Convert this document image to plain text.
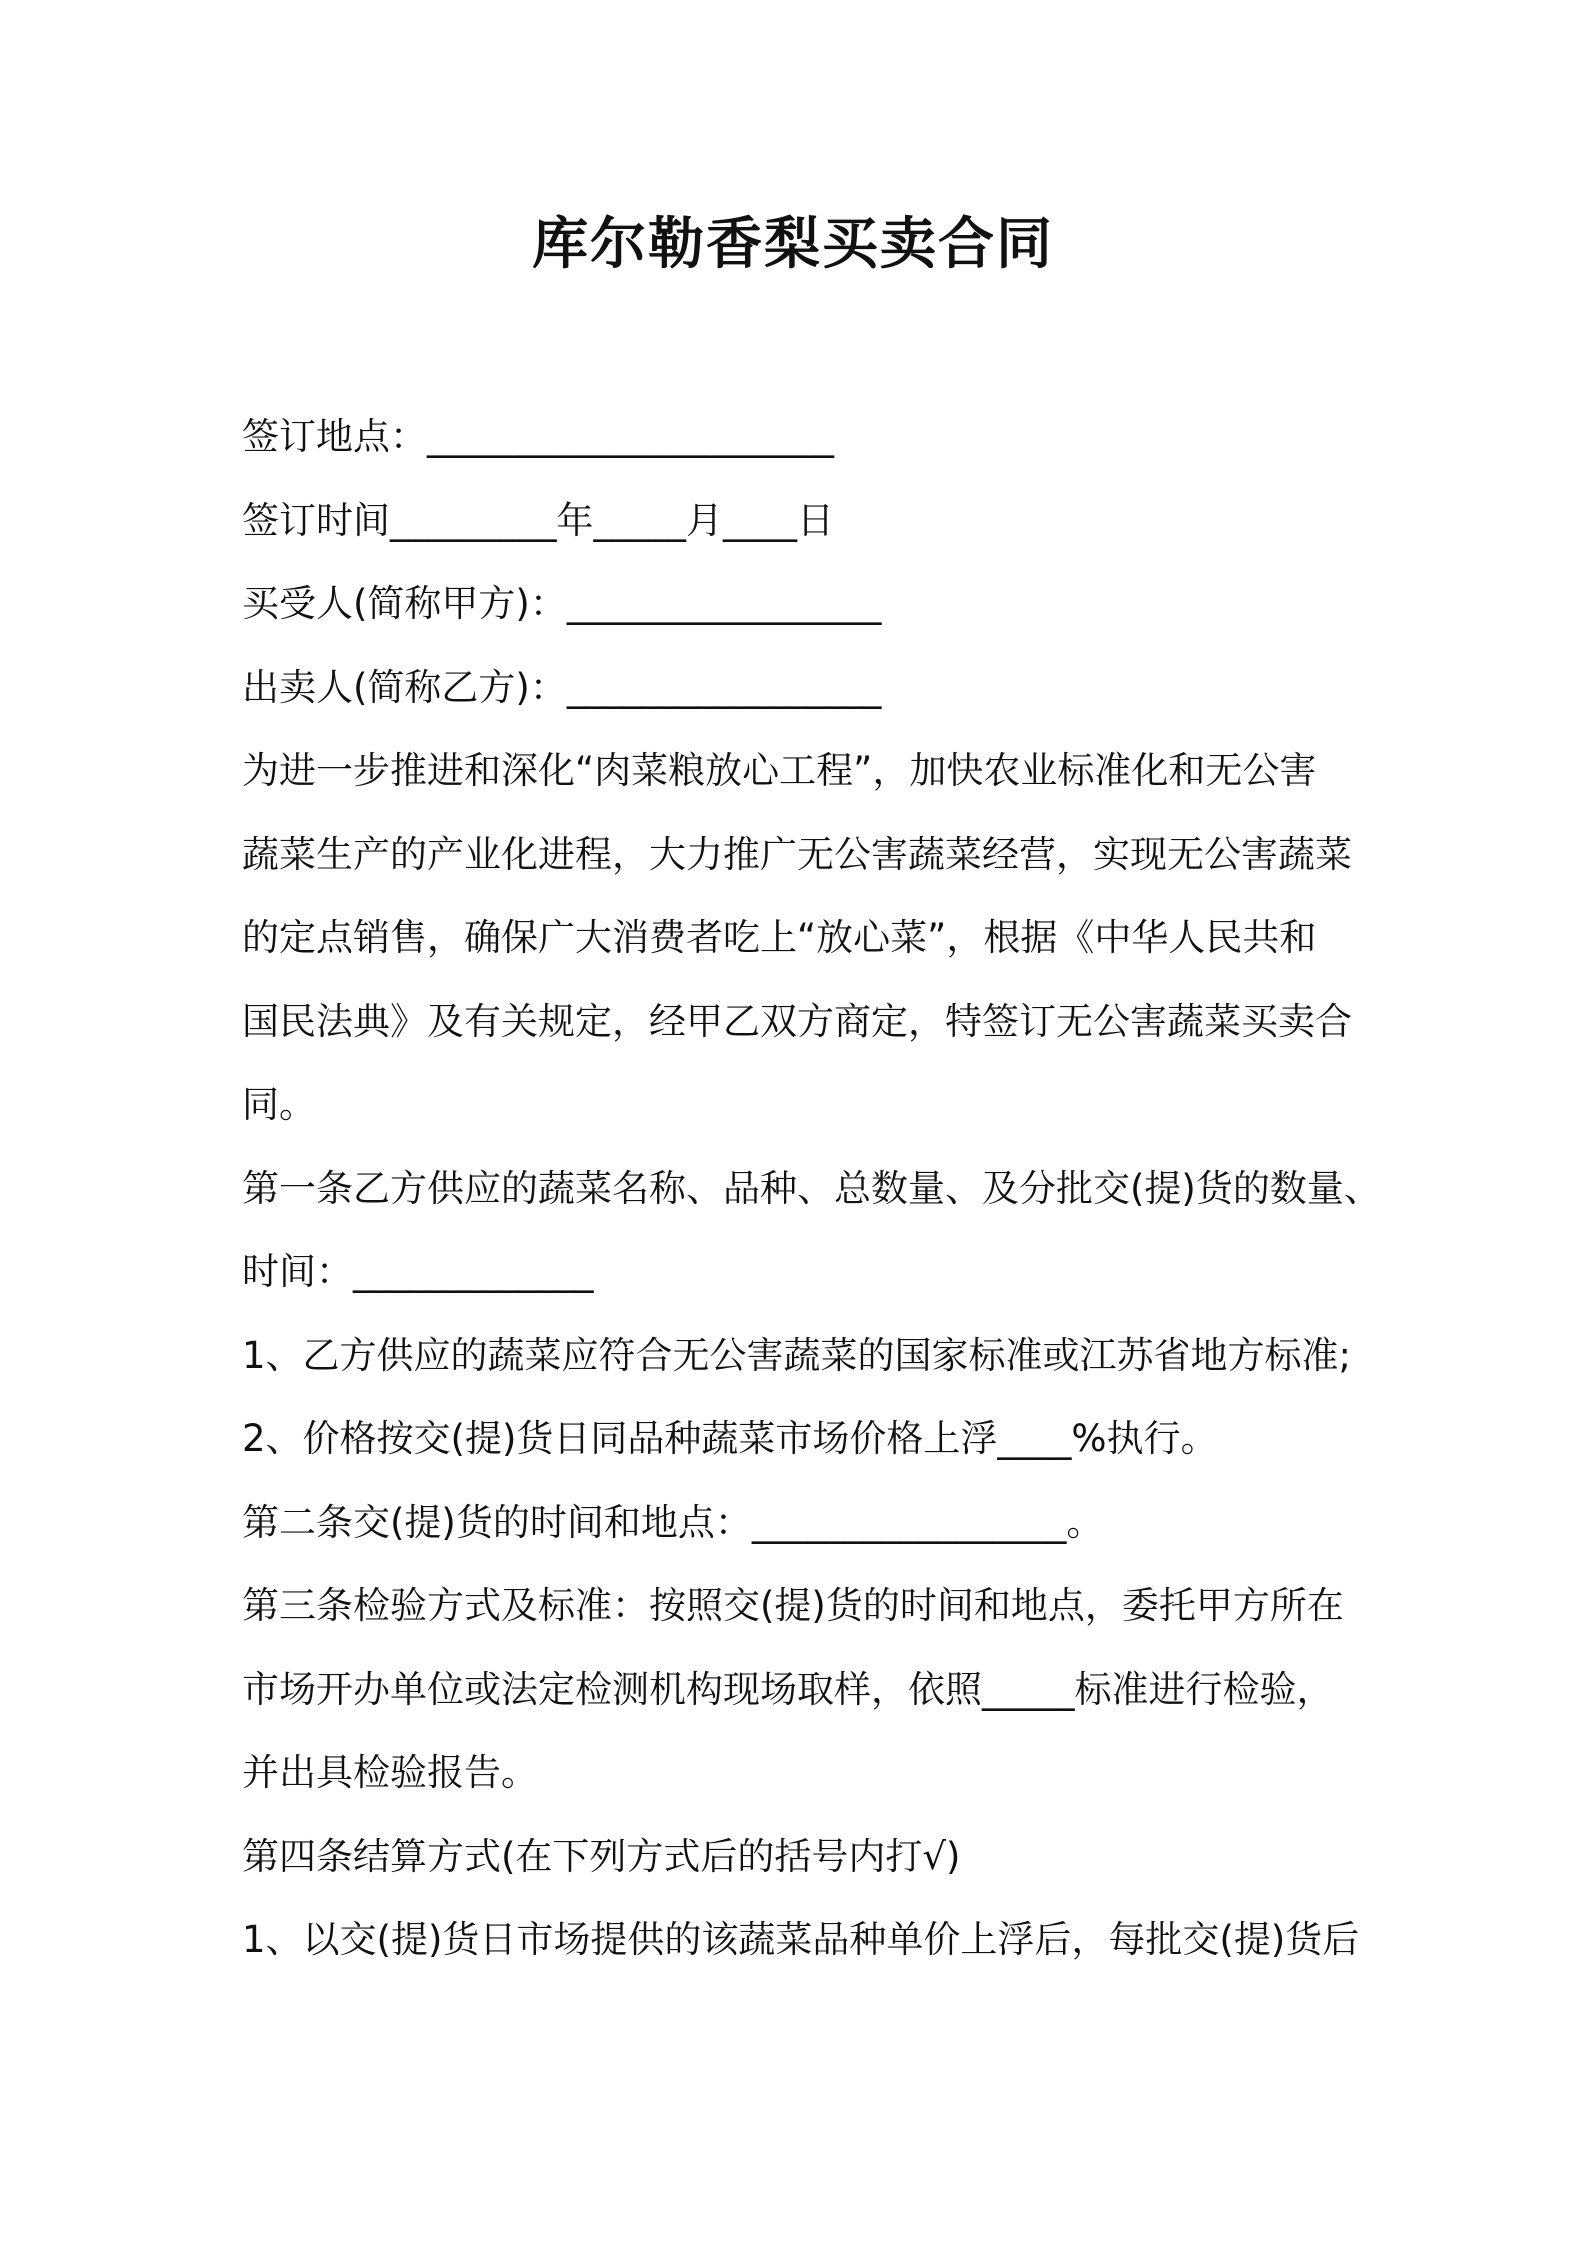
库尔勒香梨买卖合同
签订地点：______________________
签订时间_________年_____月____日
买受人(简称甲方)：_________________
出卖人(简称乙方)：_________________
为进一步推进和深化“肉菜粮放心工程”，加快农业标准化和无公害
蔬菜生产的产业化进程，大力推广无公害蔬菜经营，实现无公害蔬菜
的定点销售，确保广大消费者吃上“放心菜”，根据《中华人民共和
国民法典》及有关规定，经甲乙双方商定，特签订无公害蔬菜买卖合
同。
第一条乙方供应的蔬菜名称、品种、总数量、及分批交(提)货的数量、
时间：_____________
1、乙方供应的蔬菜应符合无公害蔬菜的国家标准或江苏省地方标准;
2、价格按交(提)货日同品种蔬菜市场价格上浮____%执行。
第二条交(提)货的时间和地点：_________________。
第三条检验方式及标准：按照交(提)货的时间和地点，委托甲方所在
市场开办单位或法定检测机构现场取样，依照_____标准进行检验，
并出具检验报告。
第四条结算方式(在下列方式后的括号内打√)
1、以交(提)货日市场提供的该蔬菜品种单价上浮后，每批交(提)货后
